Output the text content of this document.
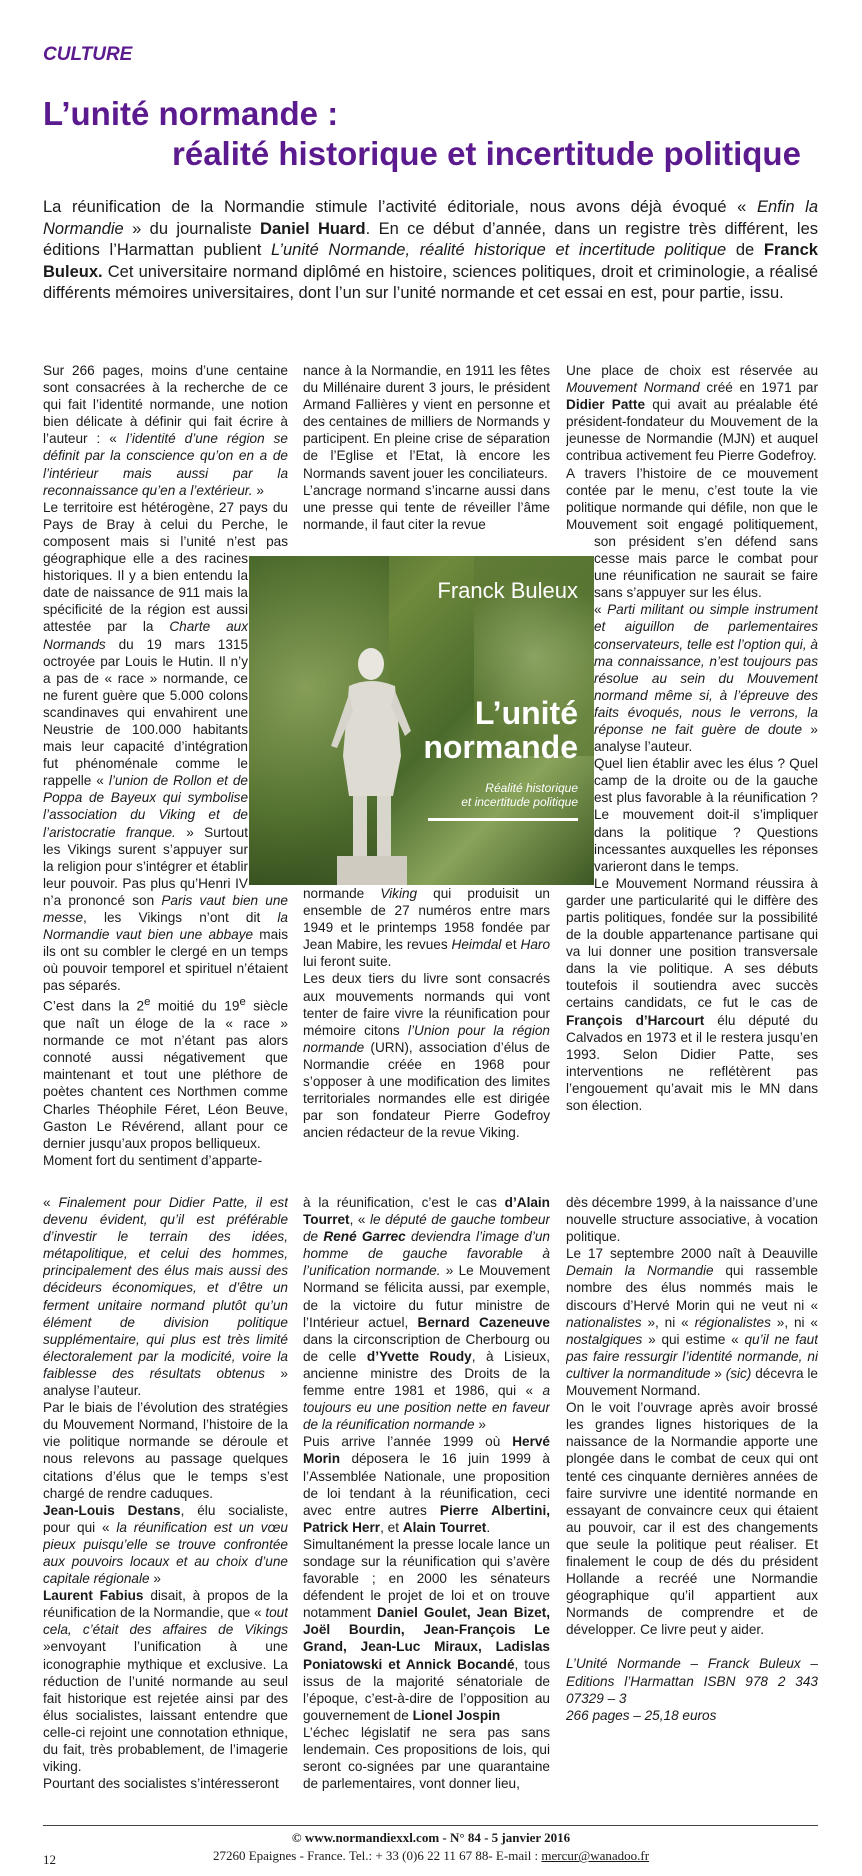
CULTURE
L’unité normande :
réalité historique et incertitude politique
La réunification de la Normandie stimule l’activité éditoriale, nous avons déjà évoqué « Enfin la Normandie » du journaliste Daniel Huard. En ce début d’année, dans un registre très différent, les éditions l’Harmattan publient L’unité Normande, réalité historique et incertitude politique de Franck Buleux. Cet universitaire normand diplômé en histoire, sciences politiques, droit et criminologie, a réalisé différents mémoires universitaires, dont l’un sur l’unité normande et cet essai en est, pour partie, issu.

Sur 266 pages, moins d’une centaine sont consacrées à la recherche de ce qui fait l’identité normande, une notion bien délicate à définir qui fait écrire à l’auteur : « l’identité d’une région se définit par la conscience qu’on en a de l’intérieur mais aussi par la reconnaissance qu’en a l’extérieur. »

Le territoire est hétérogène, 27 pays du Pays de Bray à celui du Perche, le composent mais si l’unité n’est pas géographique elle a des racines historiques. Il y a bien entendu la date de naissance de 911 mais la spécificité de la région est aussi attestée par la Charte aux Normands du 19 mars 1315 octroyée par Louis le Hutin. Il n’y a pas de « race » normande, ce ne furent guère que 5.000 colons scandinaves qui envahirent une Neustrie de 100.000 habitants mais leur capacité d’intégration fut phénoménale comme le rappelle « l’union de Rollon et de Poppa de Bayeux qui symbolise l’association du Viking et de l’aristocratie franque. » Surtout les Vikings surent s’appuyer sur la religion pour s’intégrer et établir leur pouvoir. Pas plus qu’Henri IV n’a prononcé son Paris vaut bien une messe, les Vikings n’ont dit la Normandie vaut bien une abbaye mais ils ont su combler le clergé en un temps où pouvoir temporel et spirituel n’étaient pas séparés.

C’est dans la 2e moitié du 19e siècle que naît un éloge de la « race » normande ce mot n’étant pas alors connoté aussi négativement que maintenant et tout une pléthore de poètes chantent ces Northmen comme Charles Théophile Féret, Léon Beuve, Gaston Le Révérend, allant pour ce dernier jusqu’aux propos belliqueux.

Moment fort du sentiment d’apparte-

nance à la Normandie, en 1911 les fêtes du Millénaire durent 3 jours, le président Armand Fallières y vient en personne et des centaines de milliers de Normands y participent. En pleine crise de séparation de l’Eglise et l’Etat, là encore les Normands savent jouer les conciliateurs.

L’ancrage normand s’incarne aussi dans une presse qui tente de réveiller l’âme normande, il faut citer la revue

normande Viking qui produisit un ensemble de 27 numéros entre mars 1949 et le printemps 1958 fondée par Jean Mabire, les revues Heimdal et Haro lui feront suite.

Les deux tiers du livre sont consacrés aux mouvements normands qui vont tenter de faire vivre la réunification pour mémoire citons l’Union pour la région normande (URN), association d’élus de Normandie créée en 1968 pour s’opposer à une modification des limites territoriales normandes elle est dirigée par son fondateur Pierre Godefroy ancien rédacteur de la revue Viking.

Une place de choix est réservée au Mouvement Normand créé en 1971 par Didier Patte qui avait au préalable été président-fondateur du Mouvement de la jeunesse de Normandie (MJN) et auquel contribua activement feu Pierre Godefroy.

A travers l’histoire de ce mouvement contée par le menu, c’est toute la vie politique normande qui défile, non que le Mouvement soit engagé politiquement, son président s’en défend sans cesse mais parce le combat pour une réunification ne saurait se faire sans s’appuyer sur les élus.

« Parti militant ou simple instrument et aiguillon de parlementaires conservateurs, telle est l’option qui, à ma connaissance, n’est toujours pas résolue au sein du Mouvement normand même si, à l’épreuve des faits évoqués, nous le verrons, la réponse ne fait guère de doute » analyse l’auteur.

Quel lien établir avec les élus ? Quel camp de la droite ou de la gauche est plus favorable à la réunification ? Le mouvement doit-il s’impliquer dans la politique ? Questions incessantes auxquelles les réponses varieront dans le temps.

Le Mouvement Normand réussira à garder une particularité qui le diffère des partis politiques, fondée sur la possibilité de la double appartenance partisane qui va lui donner une position transversale dans la vie politique. A ses débuts toutefois il soutiendra avec succès certains candidats, ce fut le cas de François d’Harcourt élu député du Calvados en 1973 et il le restera jusqu’en 1993. Selon Didier Patte, ses interventions ne reflétèrent pas l’engouement qu’avait mis le MN dans son élection.

Franck Buleux
L’unité
normande
Réalité historique
et incertitude politique

« Finalement pour Didier Patte, il est devenu évident, qu’il est préférable d’investir le terrain des idées, métapolitique, et celui des hommes, principalement des élus mais aussi des décideurs économiques, et d’être un ferment unitaire normand plutôt qu’un élément de division politique supplémentaire, qui plus est très limité électoralement par la modicité, voire la faiblesse des résultats obtenus » analyse l’auteur.

Par le biais de l’évolution des stratégies du Mouvement Normand, l’histoire de la vie politique normande se déroule et nous relevons au passage quelques citations d’élus que le temps s’est chargé de rendre caduques.

Jean-Louis Destans, élu socialiste, pour qui « la réunification est un vœu pieux puisqu’elle se trouve confrontée aux pouvoirs locaux et au choix d’une capitale régionale »

Laurent Fabius disait, à propos de la réunification de la Normandie, que « tout cela, c’était des affaires de Vikings »envoyant l’unification à une iconographie mythique et exclusive. La réduction de l’unité normande au seul fait historique est rejetée ainsi par des élus socialistes, laissant entendre que celle-ci rejoint une connotation ethnique, du fait, très probablement, de l’imagerie viking.

Pourtant des socialistes s’intéresseront

à la réunification, c’est le cas d’Alain Tourret, « le député de gauche tombeur de René Garrec deviendra l’image d’un homme de gauche favorable à l’unification normande. » Le Mouvement Normand se félicita aussi, par exemple, de la victoire du futur ministre de l’Intérieur actuel, Bernard Cazeneuve dans la circonscription de Cherbourg ou de celle d’Yvette Roudy, à Lisieux, ancienne ministre des Droits de la femme entre 1981 et 1986, qui « a toujours eu une position nette en faveur de la réunification normande »

Puis arrive l’année 1999 où Hervé Morin déposera le 16 juin 1999 à l’Assemblée Nationale, une proposition de loi tendant à la réunification, ceci avec entre autres Pierre Albertini, Patrick Herr, et Alain Tourret.

Simultanément la presse locale lance un sondage sur la réunification qui s’avère favorable ; en 2000 les sénateurs défendent le projet de loi et on trouve notamment Daniel Goulet, Jean Bizet, Joël Bourdin, Jean-François Le Grand, Jean-Luc Miraux, Ladislas Poniatowski et Annick Bocandé, tous issus de la majorité sénatoriale de l’époque, c’est-à-dire de l’opposition au gouvernement de Lionel Jospin

L’échec législatif ne sera pas sans lendemain. Ces propositions de lois, qui seront co-signées par une quarantaine de parlementaires, vont donner lieu,

dès décembre 1999, à la naissance d’une nouvelle structure associative, à vocation politique.

Le 17 septembre 2000 naît à Deauville Demain la Normandie qui rassemble nombre des élus nommés mais le discours d’Hervé Morin qui ne veut ni « nationalistes », ni « régionalistes », ni « nostalgiques » qui estime « qu’il ne faut pas faire ressurgir l’identité normande, ni cultiver la normanditude » (sic) décevra le Mouvement Normand.

On le voit l’ouvrage après avoir brossé les grandes lignes historiques de la naissance de la Normandie apporte une plongée dans le combat de ceux qui ont tenté ces cinquante dernières années de faire survivre une identité normande en essayant de convaincre ceux qui étaient au pouvoir, car il est des changements que seule la politique peut réaliser. Et finalement le coup de dés du président Hollande a recréé une Normandie géographique qu’il appartient aux Normands de comprendre et de développer. Ce livre peut y aider.

L’Unité Normande – Franck Buleux – Editions l’Harmattan ISBN 978 2 343 07329 – 3

266 pages – 25,18 euros

© www.normandiexxl.com - N° 84 - 5 janvier 2016
27260 Epaignes - France. Tel.: + 33 (0)6 22 11 67 88- E-mail : mercur@wanadoo.fr
12
